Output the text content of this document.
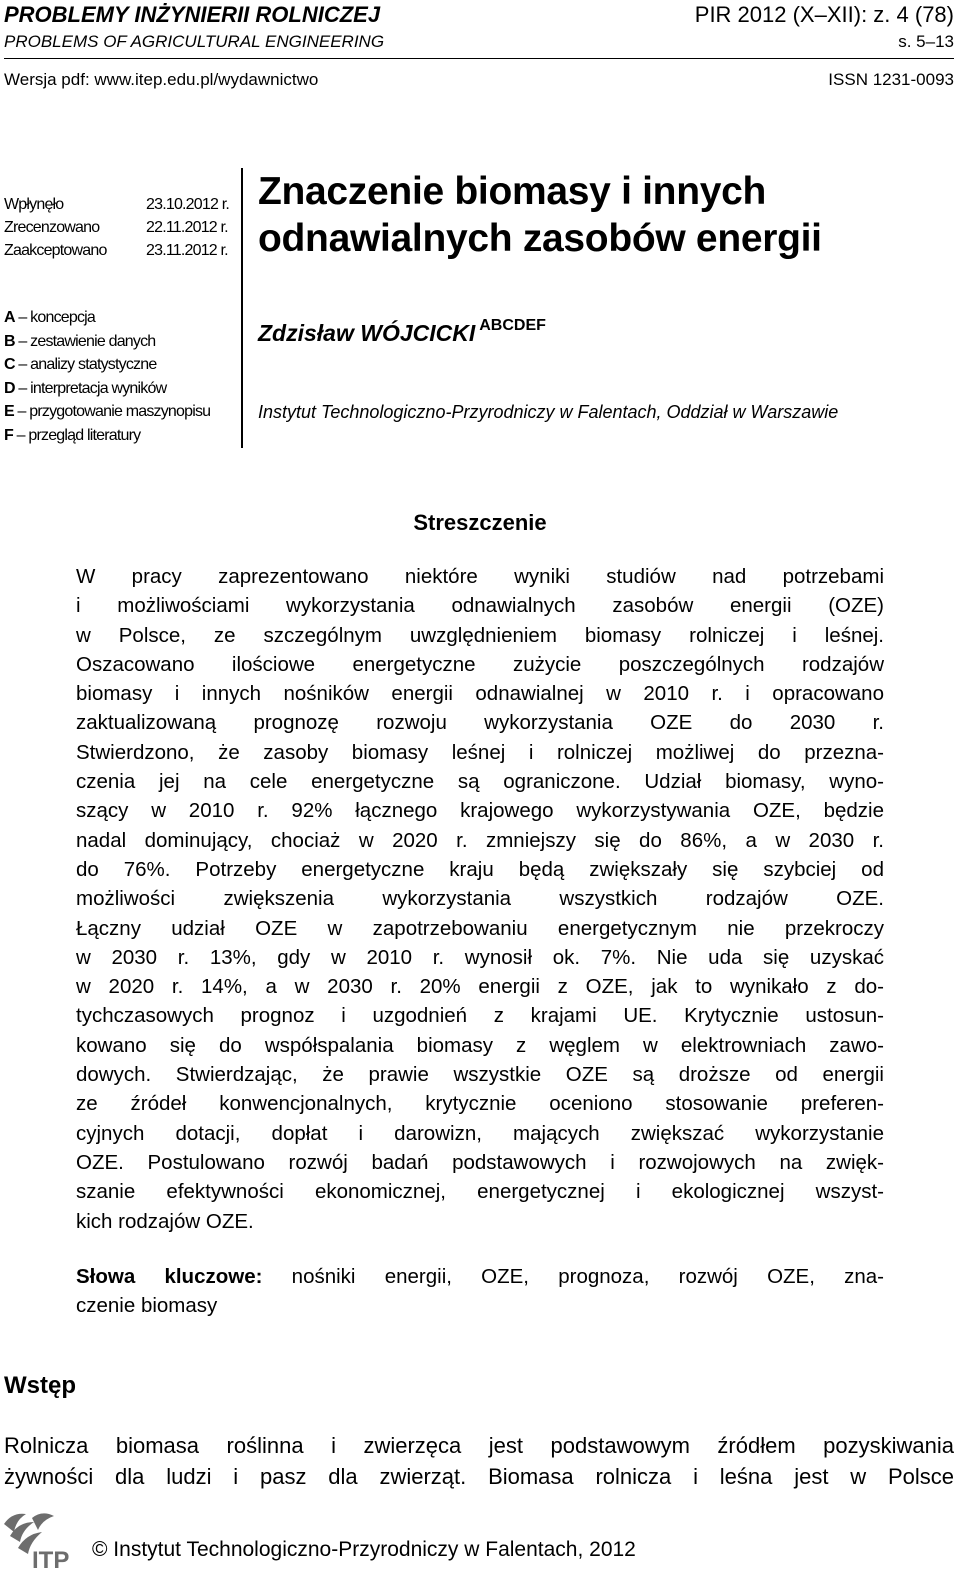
PROBLEMY INŻYNIERII ROLNICZEJ	PIR 2012 (X–XII): z. 4 (78)
PROBLEMS OF AGRICULTURAL ENGINEERING	s. 5–13
Wersja pdf: www.itep.edu.pl/wydawnictwo	ISSN 1231-0093
Wpłynęło	23.10.2012 r.
Zrecenzowano	22.11.2012 r.
Zaakceptowano	23.11.2012 r.
Znaczenie biomasy i innych
odnawialnych zasobów energii
A – koncepcja
B – zestawienie danych
C – analizy statystyczne
D – interpretacja wyników
E – przygotowanie maszynopisu
F – przegląd literatury
Zdzisław WÓJCICKI $^{ABCDEF}$
Instytut Technologiczno-Przyrodniczy w Falentach, Oddział w Warszawie
Streszczenie
W pracy zaprezentowano niektóre wyniki studiów nad potrzebami
i możliwościami wykorzystania odnawialnych zasobów energii (OZE)
w Polsce, ze szczególnym uwzględnieniem biomasy rolniczej i leśnej.
Oszacowano ilościowe energetyczne zużycie poszczególnych rodzajów
biomasy i innych nośników energii odnawialnej w 2010 r. i opracowano
zaktualizowaną prognozę rozwoju wykorzystania OZE do 2030 r.
Stwierdzono, że zasoby biomasy leśnej i rolniczej możliwej do przezna-
czenia jej na cele energetyczne są ograniczone. Udział biomasy, wyno-
szący w 2010 r. 92% łącznego krajowego wykorzystywania OZE, będzie
nadal dominujący, chociaż w 2020 r. zmniejszy się do 86%, a w 2030 r.
do 76%. Potrzeby energetyczne kraju będą zwiększały się szybciej od
możliwości zwiększenia wykorzystania wszystkich rodzajów OZE.
Łączny udział OZE w zapotrzebowaniu energetycznym nie przekroczy
w 2030 r. 13%, gdy w 2010 r. wynosił ok. 7%. Nie uda się uzyskać
w 2020 r. 14%, a w 2030 r. 20% energii z OZE, jak to wynikało z do-
tychczasowych prognoz i uzgodnień z krajami UE. Krytycznie ustosun-
kowano się do współspalania biomasy z węglem w elektrowniach zawo-
dowych. Stwierdzając, że prawie wszystkie OZE są droższe od energii
ze źródeł konwencjonalnych, krytycznie oceniono stosowanie preferen-
cyjnych dotacji, dopłat i darowizn, mających zwiększać wykorzystanie
OZE. Postulowano rozwój badań podstawowych i rozwojowych na zwięk-
szanie efektywności ekonomicznej, energetycznej i ekologicznej wszyst-
kich rodzajów OZE.
Słowa kluczowe: nośniki energii, OZE, prognoza, rozwój OZE, zna-
czenie biomasy
Wstęp
Rolnicza biomasa roślinna i zwierzęca jest podstawowym źródłem pozyskiwania
żywności dla ludzi i pasz dla zwierząt. Biomasa rolnicza i leśna jest w Polsce
ITP © Instytut Technologiczno-Przyrodniczy w Falentach, 2012
